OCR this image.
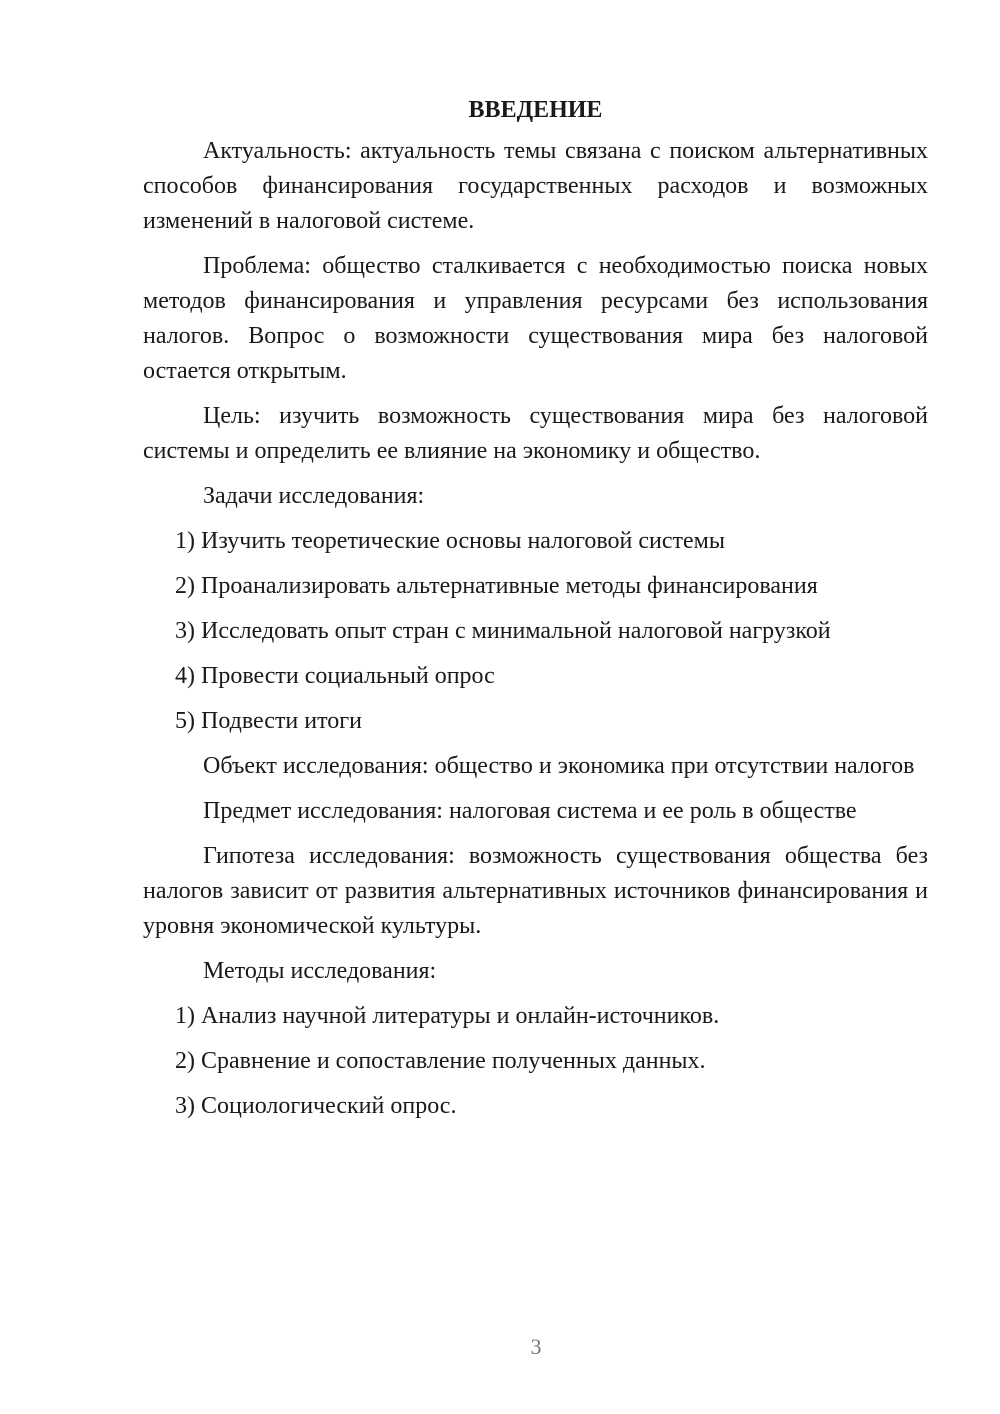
ВВЕДЕНИЕ

Актуальность: актуальность темы связана с поиском альтернативных способов финансирования государственных расходов и возможных изменений в налоговой системе.

Проблема: общество сталкивается с необходимостью поиска новых методов финансирования и управления ресурсами без использования налогов. Вопрос о возможности существования мира без налоговой остается открытым.

Цель: изучить возможность существования мира без налоговой системы и определить ее влияние на экономику и общество.

Задачи исследования:

1) Изучить теоретические основы налоговой системы
2) Проанализировать альтернативные методы финансирования
3) Исследовать опыт стран с минимальной налоговой нагрузкой
4) Провести социальный опрос
5) Подвести итоги

Объект исследования: общество и экономика при отсутствии налогов

Предмет исследования: налоговая система и ее роль в обществе

Гипотеза исследования: возможность существования общества без налогов зависит от развития альтернативных источников финансирования и уровня экономической культуры.

Методы исследования:

1) Анализ научной литературы и онлайн-источников.
2) Сравнение и сопоставление полученных данных.
3) Социологический опрос.
3
